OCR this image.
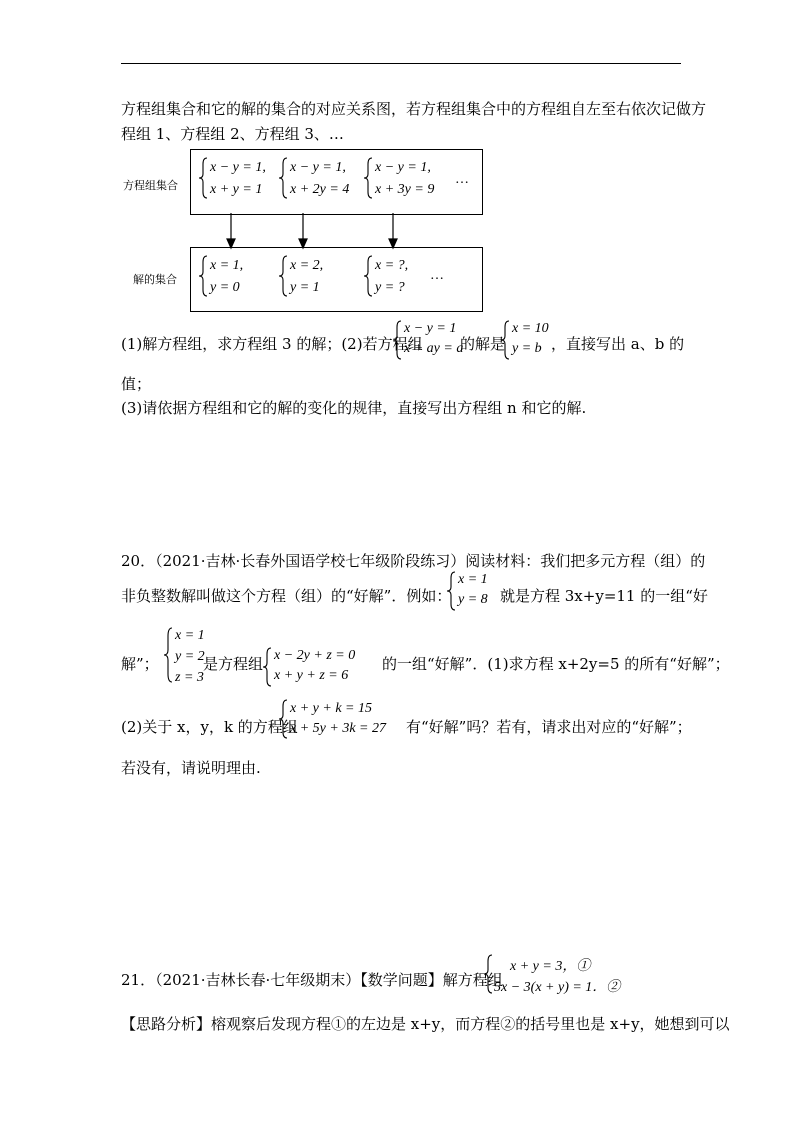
方程组集合和它的解的集合的对应关系图，若方程组集合中的方程组自左至右依次记做方
程组 1、方程组 2、方程组 3、…
方程组集合
x − y = 1,
x + y = 1
x − y = 1,
x + 2y = 4
x − y = 1,
x + 3y = 9
…
解的集合
x = 1,
y = 0
x = 2,
y = 1
x = ?,
y = ?
…
(1)解方程组，求方程组 3 的解；(2)若方程组
x − y = 1
x + ay = a
的解是
x = 10
y = b ，直接写出 a、b 的
值；
(3)请依据方程组和它的解的变化的规律，直接写出方程组 n 和它的解.
20．（2021·吉林·长春外国语学校七年级阶段练习）阅读材料：我们把多元方程（组）的
非负整数解叫做这个方程（组）的“好解”．例如：
x = 1
y = 8 就是方程 3x+y=11 的一组“好
解”；
x = 1
y = 2
z = 3
是方程组 x − 2y + z = 0
x + y + z = 6
的一组“好解”．(1)求方程 x+2y=5 的所有“好解”；
(2)关于 x，y，k 的方程组
x + y + k = 15
x + 5y + 3k = 27 有“好解”吗？若有，请求出对应的“好解”；
若没有，请说明理由.
21．（2021·吉林长春·七年级期末）【数学问题】解方程组
x + y = 3，①
5x − 3(x + y) = 1．②
【思路分析】榕观察后发现方程①的左边是 x+y，而方程②的括号里也是 x+y，她想到可以
